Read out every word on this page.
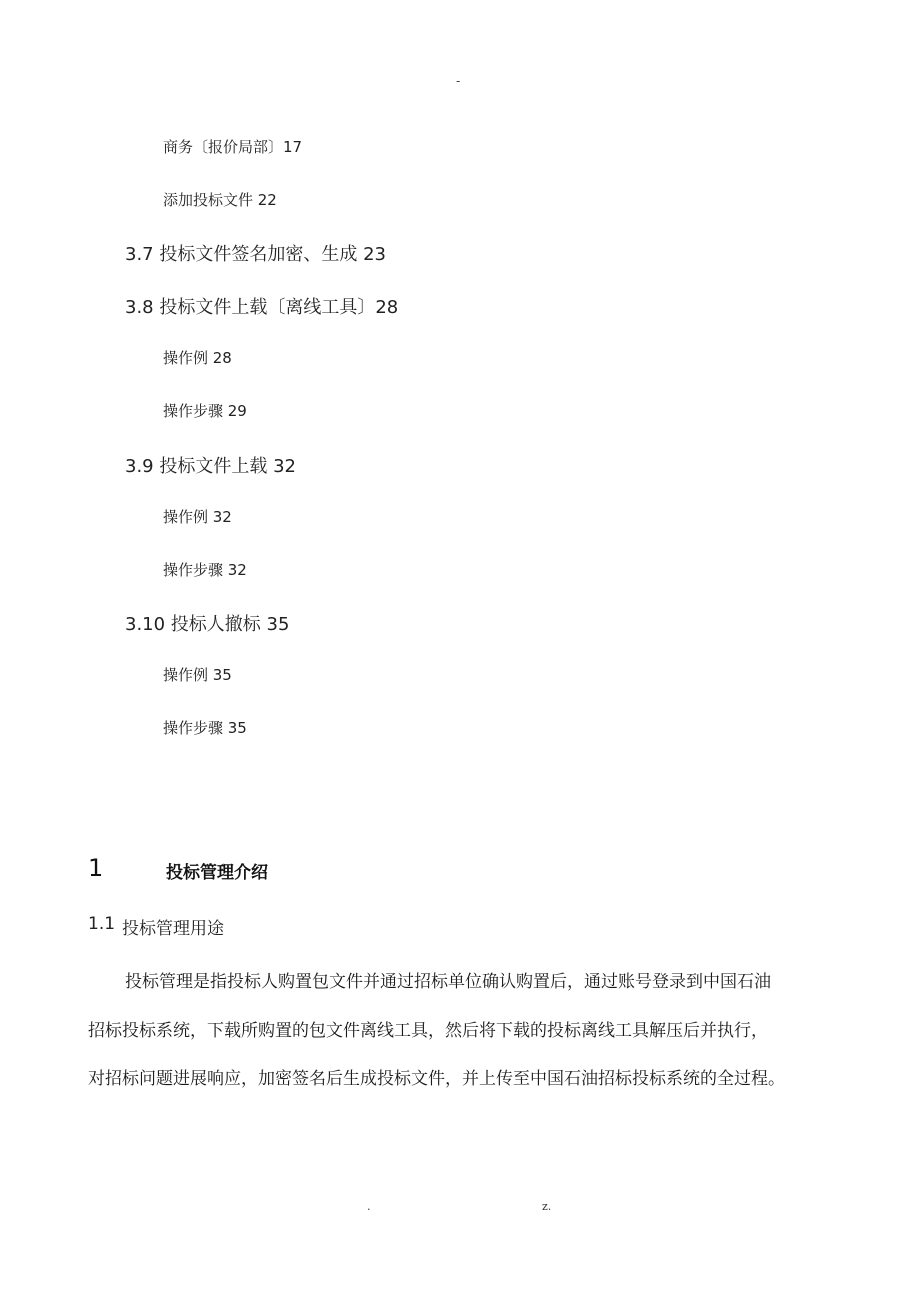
-
商务〔报价局部〕17
添加投标文件 22
3.7 投标文件签名加密、生成 23
3.8 投标文件上载〔离线工具〕28
操作例 28
操作步骤 29
3.9 投标文件上载 32
操作例 32
操作步骤 32
3.10 投标人撤标 35
操作例 35
操作步骤 35
1	投标管理介绍
1.1 投标管理用途
投标管理是指投标人购置包文件并通过招标单位确认购置后，通过账号登录到中国石油
招标投标系统，下载所购置的包文件离线工具，然后将下载的投标离线工具解压后并执行，
对招标问题进展响应，加密签名后生成投标文件，并上传至中国石油招标投标系统的全过程。
.	z.
